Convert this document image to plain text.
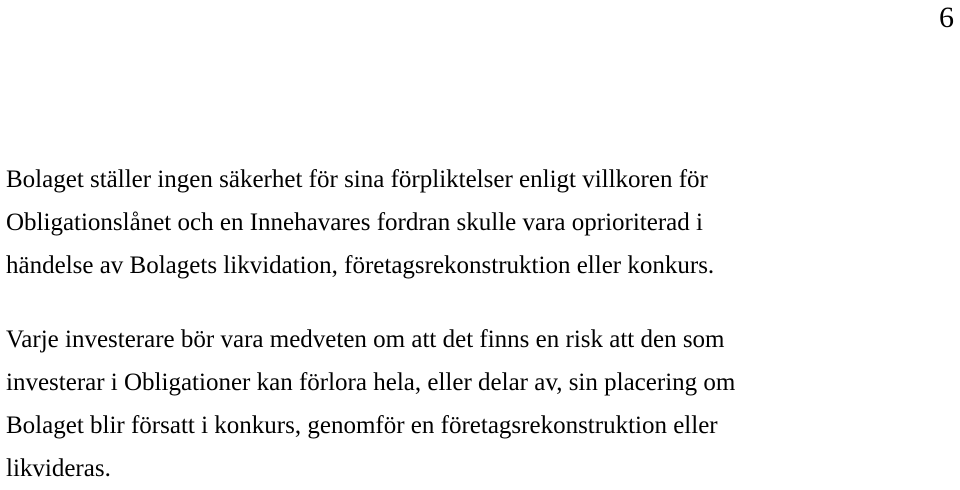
6

Bolaget ställer ingen säkerhet för sina förpliktelser enligt villkoren för
Obligationslånet och en Innehavares fordran skulle vara oprioriterad i
händelse av Bolagets likvidation, företagsrekonstruktion eller konkurs.

Varje investerare bör vara medveten om att det finns en risk att den som
investerar i Obligationer kan förlora hela, eller delar av, sin placering om
Bolaget blir försatt i konkurs, genomför en företagsrekonstruktion eller
likvideras.
